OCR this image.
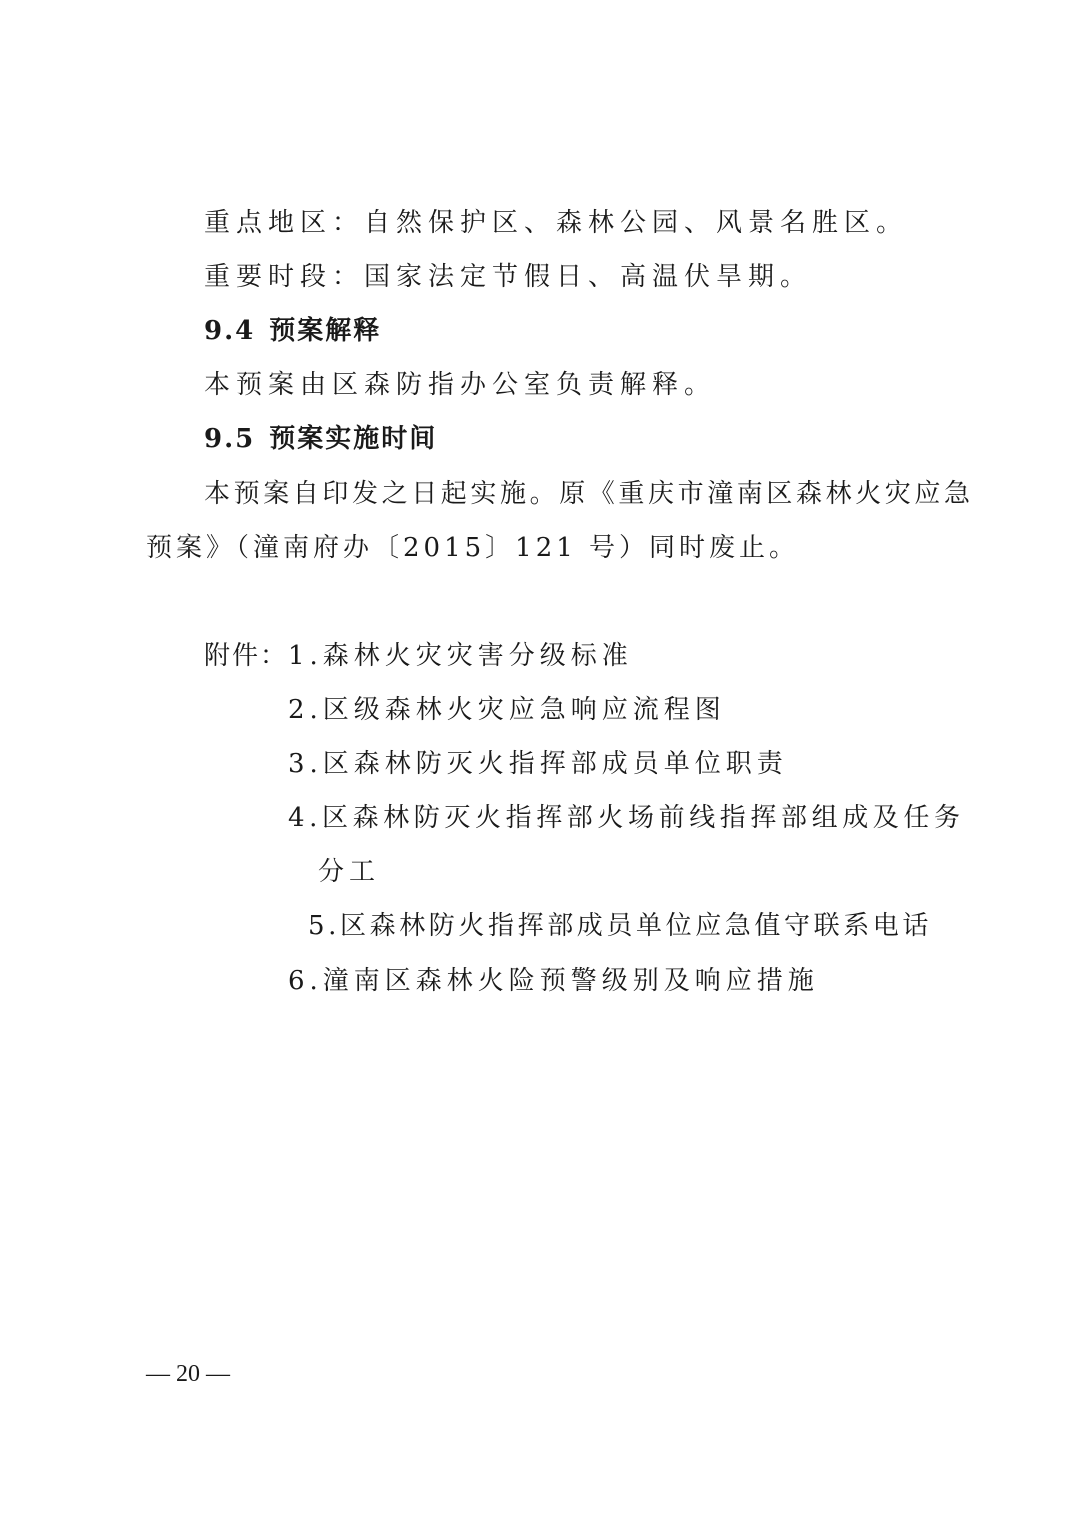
重点地区：自然保护区、森林公园、风景名胜区。
重要时段：国家法定节假日、高温伏旱期。
9.4 预案解释
本预案由区森防指办公室负责解释。
9.5 预案实施时间
本预案自印发之日起实施。原《重庆市潼南区森林火灾应急
预案》（潼南府办〔2015〕121 号）同时废止。
附件： 1.森林火灾灾害分级标准
2.区级森林火灾应急响应流程图
3.区森林防灭火指挥部成员单位职责
4.区森林防灭火指挥部火场前线指挥部组成及任务
分工
5.区森林防火指挥部成员单位应急值守联系电话
6.潼南区森林火险预警级别及响应措施
— 20 —
